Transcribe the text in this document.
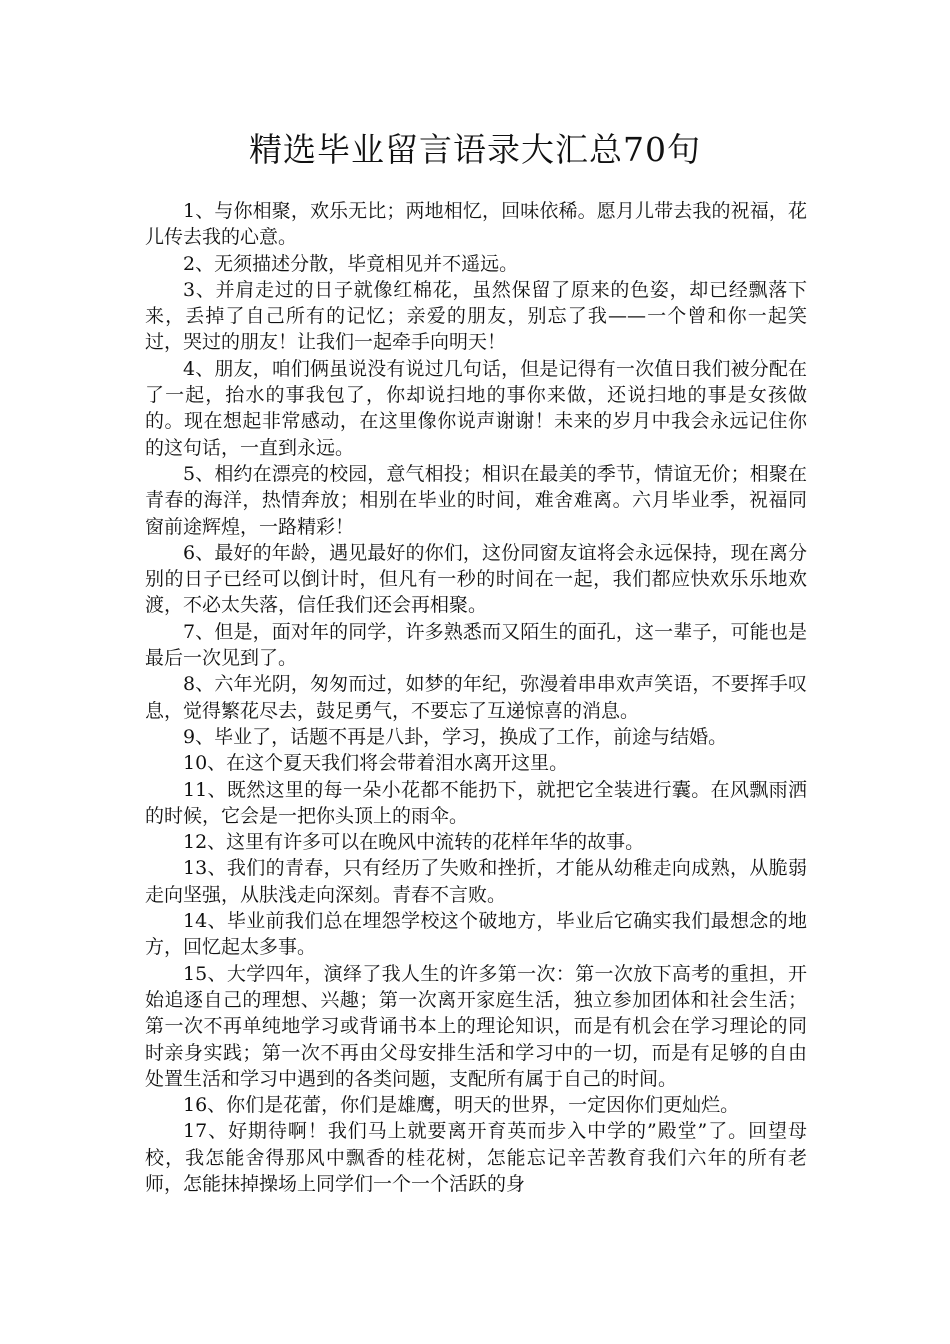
精选毕业留言语录大汇总70句

1、与你相聚，欢乐无比；两地相忆，回味依稀。愿月儿带去我的祝福，花儿传去我的心意。

2、无须描述分散，毕竟相见并不遥远。

3、并肩走过的日子就像红棉花，虽然保留了原来的色姿，却已经飘落下来，丢掉了自己所有的记忆；亲爱的朋友，别忘了我——一个曾和你一起笑过，哭过的朋友！让我们一起牵手向明天！

4、朋友，咱们俩虽说没有说过几句话，但是记得有一次值日我们被分配在了一起，抬水的事我包了，你却说扫地的事你来做，还说扫地的事是女孩做的。现在想起非常感动，在这里像你说声谢谢！未来的岁月中我会永远记住你的这句话，一直到永远。

5、相约在漂亮的校园，意气相投；相识在最美的季节，情谊无价；相聚在青春的海洋，热情奔放；相别在毕业的时间，难舍难离。六月毕业季，祝福同窗前途辉煌，一路精彩！

6、最好的年龄，遇见最好的你们，这份同窗友谊将会永远保持，现在离分别的日子已经可以倒计时，但凡有一秒的时间在一起，我们都应快欢乐乐地欢渡，不必太失落，信任我们还会再相聚。

7、但是，面对年的同学，许多熟悉而又陌生的面孔，这一辈子，可能也是最后一次见到了。

8、六年光阴，匆匆而过，如梦的年纪，弥漫着串串欢声笑语，不要挥手叹息，觉得繁花尽去，鼓足勇气，不要忘了互递惊喜的消息。

9、毕业了，话题不再是八卦，学习，换成了工作，前途与结婚。

10、在这个夏天我们将会带着泪水离开这里。

11、既然这里的每一朵小花都不能扔下，就把它全装进行囊。在风飘雨洒的时候，它会是一把你头顶上的雨伞。

12、这里有许多可以在晚风中流转的花样年华的故事。

13、我们的青春，只有经历了失败和挫折，才能从幼稚走向成熟，从脆弱走向坚强，从肤浅走向深刻。青春不言败。

14、毕业前我们总在埋怨学校这个破地方，毕业后它确实我们最想念的地方，回忆起太多事。

15、大学四年，演绎了我人生的许多第一次：第一次放下高考的重担，开始追逐自己的理想、兴趣；第一次离开家庭生活，独立参加团体和社会生活；第一次不再单纯地学习或背诵书本上的理论知识，而是有机会在学习理论的同时亲身实践；第一次不再由父母安排生活和学习中的一切，而是有足够的自由处置生活和学习中遇到的各类问题，支配所有属于自己的时间。

16、你们是花蕾，你们是雄鹰，明天的世界，一定因你们更灿烂。

17、好期待啊！我们马上就要离开育英而步入中学的”殿堂”了。回望母校，我怎能舍得那风中飘香的桂花树，怎能忘记辛苦教育我们六年的所有老师，怎能抹掉操场上同学们一个一个活跃的身
